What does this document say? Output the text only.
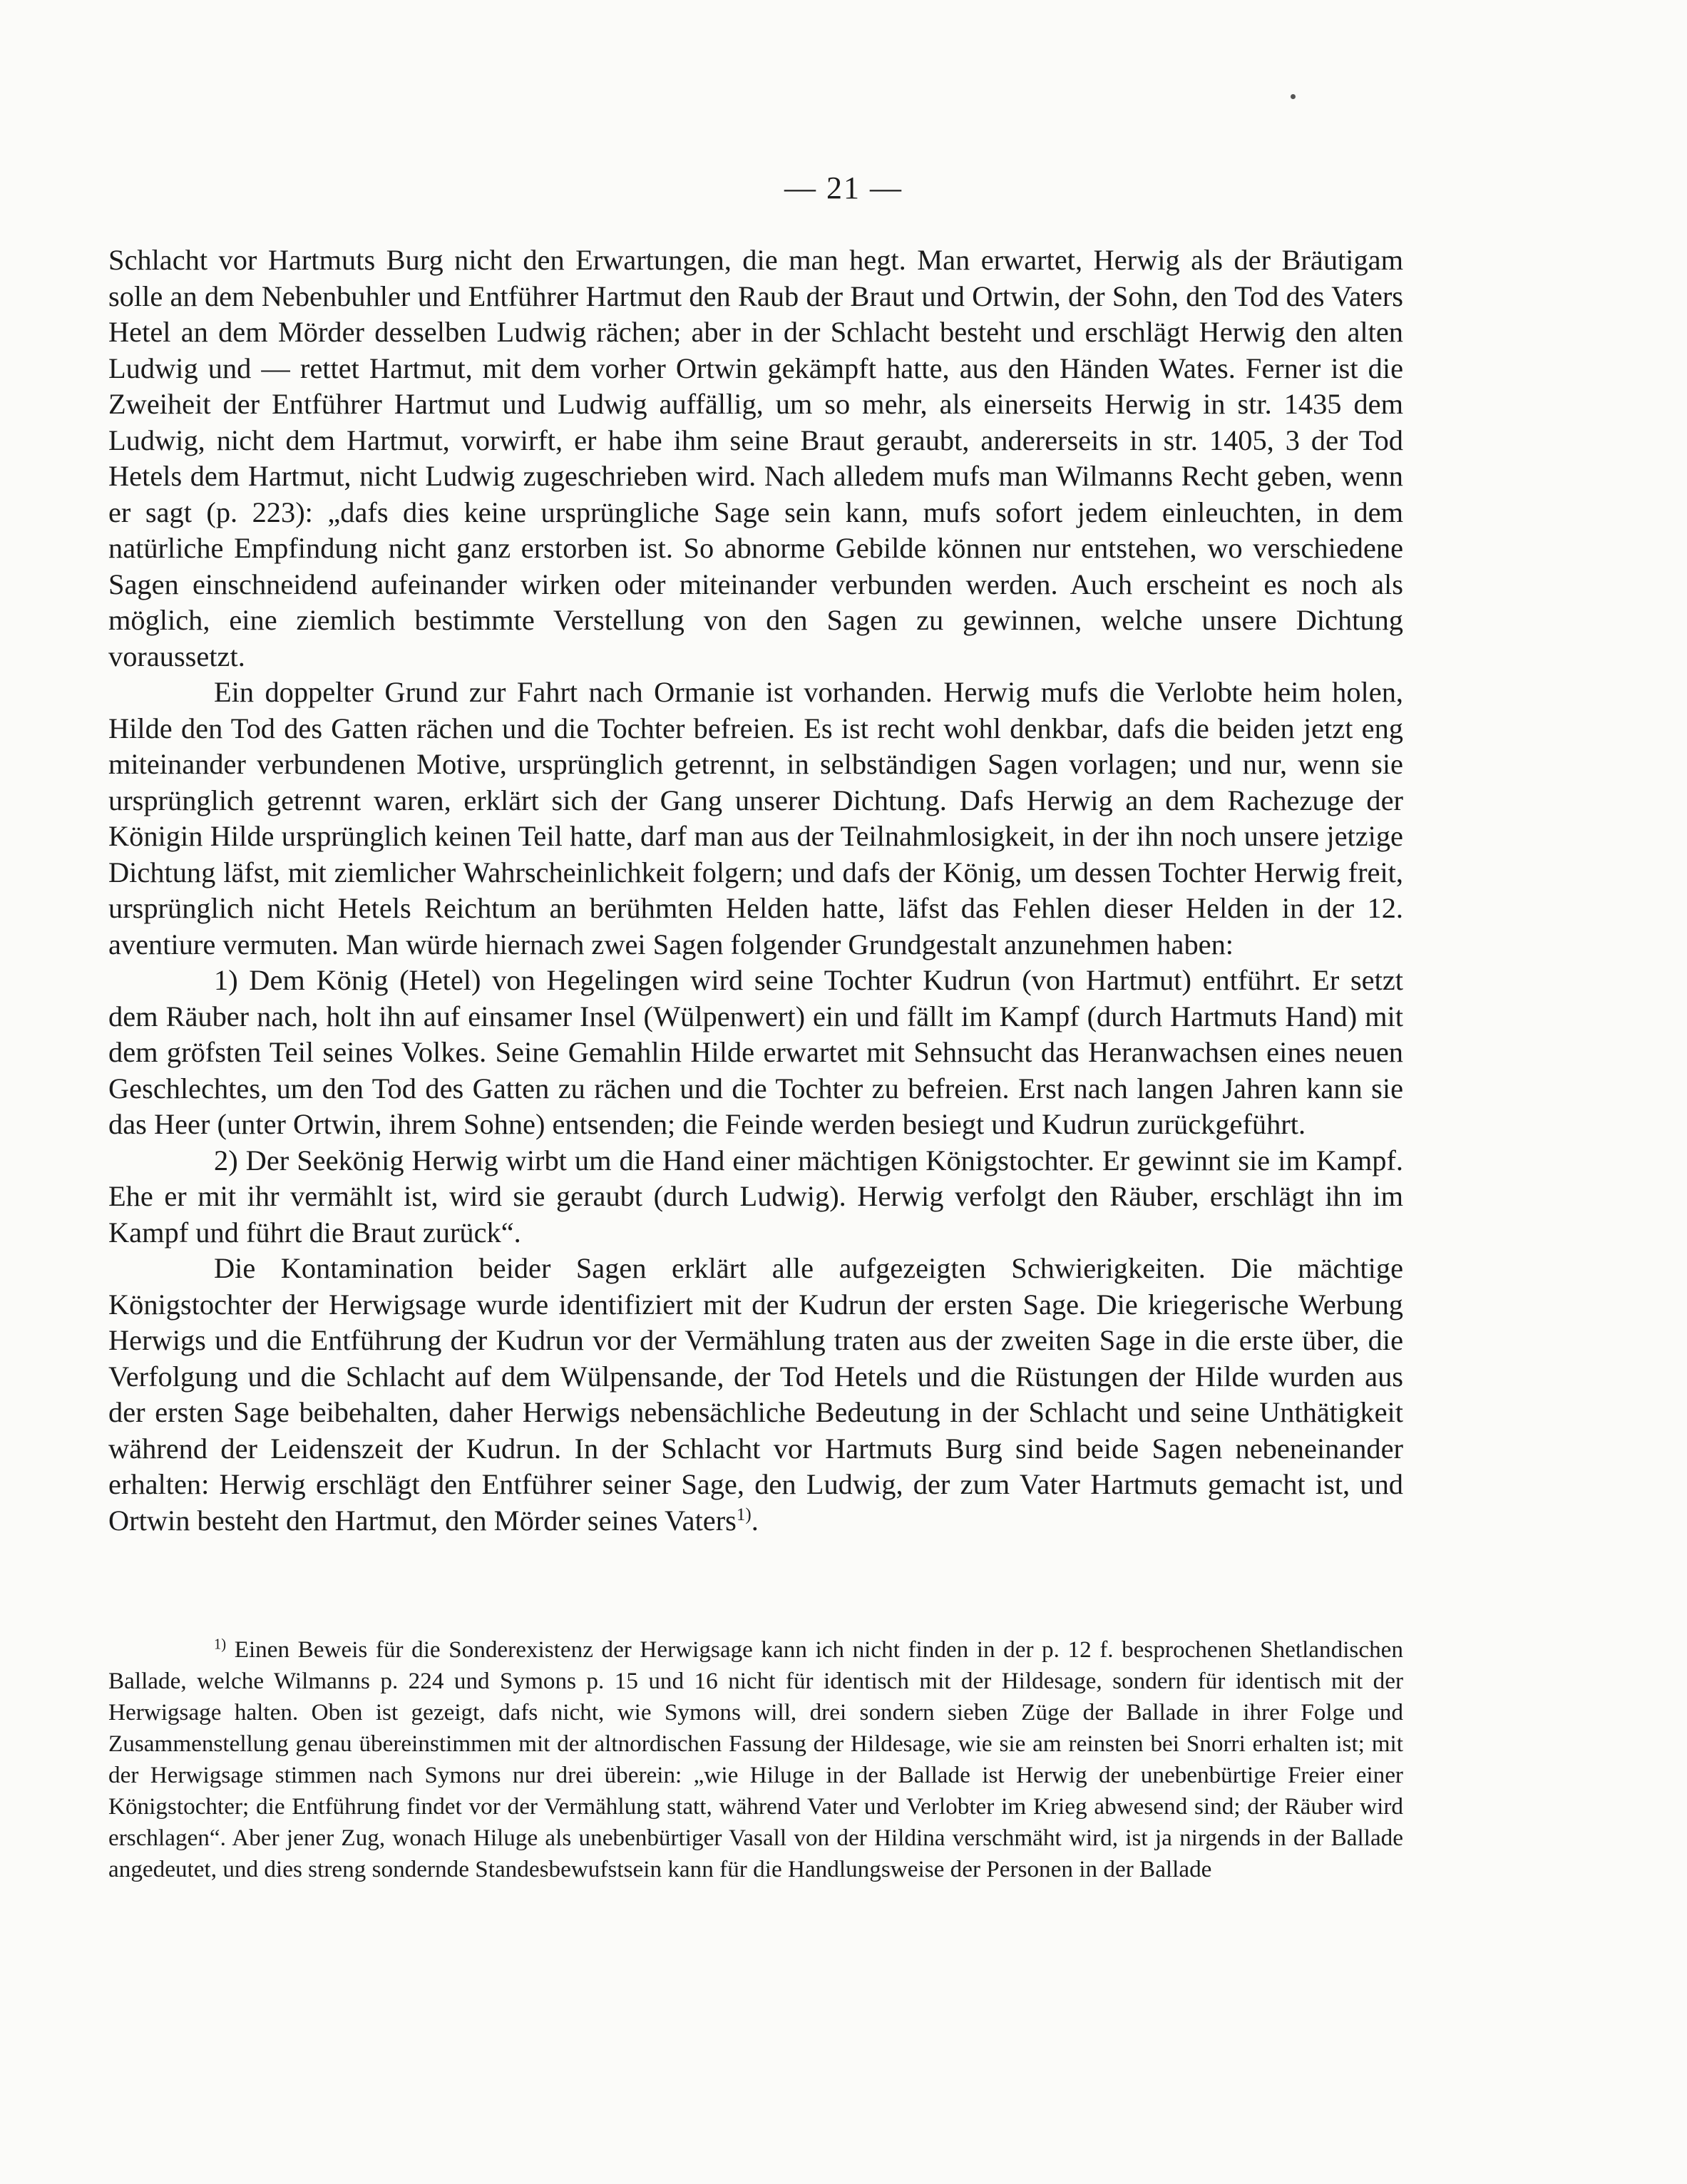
— 21 —

Schlacht vor Hartmuts Burg nicht den Erwartungen, die man hegt. Man erwartet, Herwig als der Bräutigam solle an dem Nebenbuhler und Entführer Hartmut den Raub der Braut und Ortwin, der Sohn, den Tod des Vaters Hetel an dem Mörder desselben Ludwig rächen; aber in der Schlacht besteht und erschlägt Herwig den alten Ludwig und — rettet Hartmut, mit dem vorher Ortwin gekämpft hatte, aus den Händen Wates. Ferner ist die Zweiheit der Entführer Hartmut und Ludwig auffällig, um so mehr, als einerseits Herwig in str. 1435 dem Ludwig, nicht dem Hartmut, vorwirft, er habe ihm seine Braut geraubt, andererseits in str. 1405, 3 der Tod Hetels dem Hartmut, nicht Ludwig zugeschrieben wird. Nach alledem mufs man Wilmanns Recht geben, wenn er sagt (p. 223): „dafs dies keine ursprüngliche Sage sein kann, mufs sofort jedem einleuchten, in dem natürliche Empfindung nicht ganz erstorben ist. So abnorme Gebilde können nur entstehen, wo verschiedene Sagen einschneidend aufeinander wirken oder miteinander verbunden werden. Auch erscheint es noch als möglich, eine ziemlich bestimmte Verstellung von den Sagen zu gewinnen, welche unsere Dichtung voraussetzt.

Ein doppelter Grund zur Fahrt nach Ormanie ist vorhanden. Herwig mufs die Verlobte heim holen, Hilde den Tod des Gatten rächen und die Tochter befreien. Es ist recht wohl denkbar, dafs die beiden jetzt eng miteinander verbundenen Motive, ursprünglich getrennt, in selbständigen Sagen vorlagen; und nur, wenn sie ursprünglich getrennt waren, erklärt sich der Gang unserer Dichtung. Dafs Herwig an dem Rachezuge der Königin Hilde ursprünglich keinen Teil hatte, darf man aus der Teilnahmlosigkeit, in der ihn noch unsere jetzige Dichtung läfst, mit ziemlicher Wahrscheinlichkeit folgern; und dafs der König, um dessen Tochter Herwig freit, ursprünglich nicht Hetels Reichtum an berühmten Helden hatte, läfst das Fehlen dieser Helden in der 12. aventiure vermuten. Man würde hiernach zwei Sagen folgender Grundgestalt anzunehmen haben:

1) Dem König (Hetel) von Hegelingen wird seine Tochter Kudrun (von Hartmut) entführt. Er setzt dem Räuber nach, holt ihn auf einsamer Insel (Wülpenwert) ein und fällt im Kampf (durch Hartmuts Hand) mit dem gröfsten Teil seines Volkes. Seine Gemahlin Hilde erwartet mit Sehnsucht das Heranwachsen eines neuen Geschlechtes, um den Tod des Gatten zu rächen und die Tochter zu befreien. Erst nach langen Jahren kann sie das Heer (unter Ortwin, ihrem Sohne) entsenden; die Feinde werden besiegt und Kudrun zurückgeführt.

2) Der Seekönig Herwig wirbt um die Hand einer mächtigen Königstochter. Er gewinnt sie im Kampf. Ehe er mit ihr vermählt ist, wird sie geraubt (durch Ludwig). Herwig verfolgt den Räuber, erschlägt ihn im Kampf und führt die Braut zurück“.

Die Kontamination beider Sagen erklärt alle aufgezeigten Schwierigkeiten. Die mächtige Königstochter der Herwigsage wurde identifiziert mit der Kudrun der ersten Sage. Die kriegerische Werbung Herwigs und die Entführung der Kudrun vor der Vermählung traten aus der zweiten Sage in die erste über, die Verfolgung und die Schlacht auf dem Wülpensande, der Tod Hetels und die Rüstungen der Hilde wurden aus der ersten Sage beibehalten, daher Herwigs nebensächliche Bedeutung in der Schlacht und seine Unthätigkeit während der Leidenszeit der Kudrun. In der Schlacht vor Hartmuts Burg sind beide Sagen nebeneinander erhalten: Herwig erschlägt den Entführer seiner Sage, den Ludwig, der zum Vater Hartmuts gemacht ist, und Ortwin besteht den Hartmut, den Mörder seines Vaters$^{1)}$.

$^{1)}$ Einen Beweis für die Sonderexistenz der Herwigsage kann ich nicht finden in der p. 12 f. besprochenen Shetlandischen Ballade, welche Wilmanns p. 224 und Symons p. 15 und 16 nicht für identisch mit der Hildesage, sondern für identisch mit der Herwigsage halten. Oben ist gezeigt, dafs nicht, wie Symons will, drei sondern sieben Züge der Ballade in ihrer Folge und Zusammenstellung genau übereinstimmen mit der altnordischen Fassung der Hildesage, wie sie am reinsten bei Snorri erhalten ist; mit der Herwigsage stimmen nach Symons nur drei überein: „wie Hiluge in der Ballade ist Herwig der unebenbürtige Freier einer Königstochter; die Entführung findet vor der Vermählung statt, während Vater und Verlobter im Krieg abwesend sind; der Räuber wird erschlagen“. Aber jener Zug, wonach Hiluge als unebenbürtiger Vasall von der Hildina verschmäht wird, ist ja nirgends in der Ballade angedeutet, und dies streng sondernde Standesbewufstsein kann für die Handlungsweise der Personen in der Ballade
